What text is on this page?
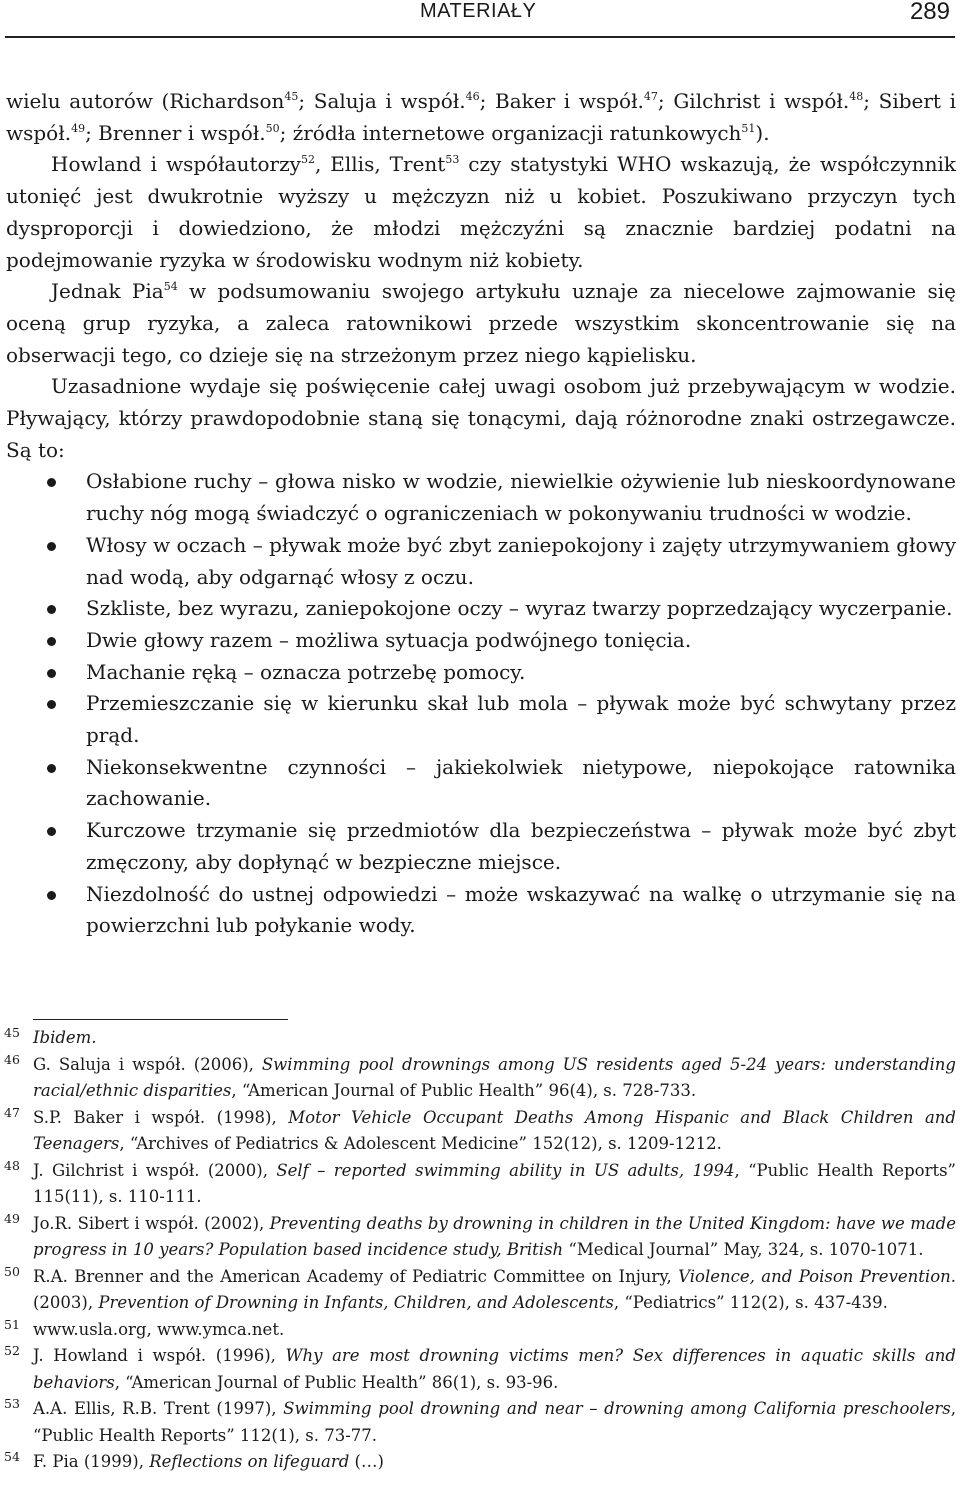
MATERIAŁY	289

wielu autorów (Richardson$^{45}$; Saluja i współ.$^{46}$; Baker i współ.$^{47}$; Gilchrist i współ.$^{48}$; Sibert i współ.$^{49}$; Brenner i współ.$^{50}$; źródła internetowe organizacji ratunkowych$^{51}$).

Howland i współautorzy$^{52}$, Ellis, Trent$^{53}$ czy statystyki WHO wskazują, że współczynnik utonięć jest dwukrotnie wyższy u mężczyzn niż u kobiet. Poszukiwano przyczyn tych dysproporcji i dowiedziono, że młodzi mężczyźni są znacznie bardziej podatni na podejmowanie ryzyka w środowisku wodnym niż kobiety.

Jednak Pia$^{54}$ w podsumowaniu swojego artykułu uznaje za niecelowe zajmowanie się oceną grup ryzyka, a zaleca ratownikowi przede wszystkim skoncentrowanie się na obserwacji tego, co dzieje się na strzeżonym przez niego kąpielisku.

Uzasadnione wydaje się poświęcenie całej uwagi osobom już przebywającym w wodzie. Pływający, którzy prawdopodobnie staną się tonącymi, dają różnorodne znaki ostrzegawcze. Są to:

Osłabione ruchy – głowa nisko w wodzie, niewielkie ożywienie lub nieskoordynowane ruchy nóg mogą świadczyć o ograniczeniach w pokonywaniu trudności w wodzie.
Włosy w oczach – pływak może być zbyt zaniepokojony i zajęty utrzymywaniem głowy nad wodą, aby odgarnąć włosy z oczu.
Szkliste, bez wyrazu, zaniepokojone oczy – wyraz twarzy poprzedzający wyczerpanie.
Dwie głowy razem – możliwa sytuacja podwójnego tonięcia.
Machanie ręką – oznacza potrzebę pomocy.
Przemieszczanie się w kierunku skał lub mola – pływak może być schwytany przez prąd.
Niekonsekwentne czynności – jakiekolwiek nietypowe, niepokojące ratownika zachowanie.
Kurczowe trzymanie się przedmiotów dla bezpieczeństwa – pływak może być zbyt zmęczony, aby dopłynąć w bezpieczne miejsce.
Niezdolność do ustnej odpowiedzi – może wskazywać na walkę o utrzymanie się na powierzchni lub połykanie wody.
45 Ibidem.
46 G. Saluja i współ. (2006), Swimming pool drownings among US residents aged 5-24 years: understanding racial/ethnic disparities, “American Journal of Public Health” 96(4), s. 728-733.
47 S.P. Baker i współ. (1998), Motor Vehicle Occupant Deaths Among Hispanic and Black Children and Teenagers, “Archives of Pediatrics & Adolescent Medicine” 152(12), s. 1209-1212.
48 J. Gilchrist i współ. (2000), Self – reported swimming ability in US adults, 1994, “Public Health Reports” 115(11), s. 110-111.
49 Jo.R. Sibert i współ. (2002), Preventing deaths by drowning in children in the United Kingdom: have we made progress in 10 years? Population based incidence study, British “Medical Journal” May, 324, s. 1070-1071.
50 R.A. Brenner and the American Academy of Pediatric Committee on Injury, Violence, and Poison Prevention. (2003), Prevention of Drowning in Infants, Children, and Adolescents, “Pediatrics” 112(2), s. 437-439.
51 www.usla.org, www.ymca.net.
52 J. Howland i współ. (1996), Why are most drowning victims men? Sex differences in aquatic skills and behaviors, “American Journal of Public Health” 86(1), s. 93-96.
53 A.A. Ellis, R.B. Trent (1997), Swimming pool drowning and near – drowning among California preschoolers, “Public Health Reports” 112(1), s. 73-77.
54 F. Pia (1999), Reflections on lifeguard (…)
